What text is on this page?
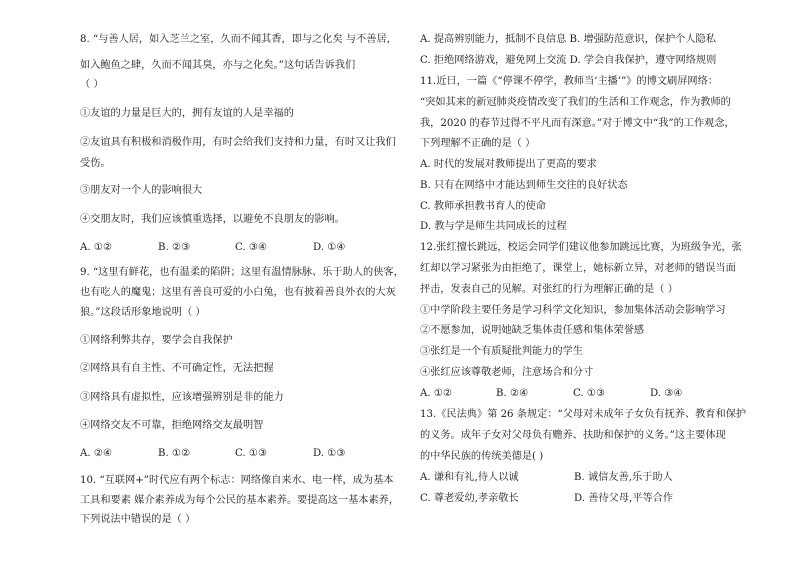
8. “与善人居，如入芝兰之室，久而不闻其香，即与之化矣 与不善居，
如入鲍鱼之肆，久而不闻其臭，亦与之化矣。”这句话告诉我们
（ ）
①友谊的力量是巨大的，拥有友谊的人是幸福的
②友谊具有积极和消极作用，有时会给我们支持和力量，有时又让我们
受伤。
③朋友对一个人的影响很大
④交朋友时，我们应该慎重选择，以避免不良朋友的影响。
A. ①②	B. ②③	C. ③④	D. ①④
9. “这里有鲜花，也有温柔的陷阱；这里有温情脉脉、乐于助人的侠客，
也有吃人的魔鬼；这里有善良可爱的小白兔，也有披着善良外衣的大灰
狼。”这段话形象地说明（ ）
①网络利弊共存，要学会自我保护
②网络具有自主性、不可确定性，无法把握
③网络具有虚拟性，应该增强辨别是非的能力
④网络交友不可靠，拒绝网络交友最明智
A. ②④	B. ①②	C. ①③	D. ①③
10. “互联网+”时代应有两个标志：网络像自来水、电一样，成为基本
工具和要素 媒介素养成为每个公民的基本素养。要提高这一基本素养，
下列说法中错误的是（ ）
A. 提高辨别能力，抵制不良信息 B. 增强防范意识，保护个人隐私
C. 拒绝网络游戏，避免网上交流 D. 学会自我保护，遵守网络规则
11.近日，一篇《“停课不停学，教师当‘主播’”》的博文刷屏网络：
“突如其来的新冠肺炎疫情改变了我们的生活和工作观念，作为教师的
我，2020 的春节过得不平凡而有深意。”对于博文中“我”的工作观念，
下列理解不正确的是（ ）
A. 时代的发展对教师提出了更高的要求
B. 只有在网络中才能达到师生交往的良好状态
C. 教师承担教书育人的使命
D. 教与学是师生共同成长的过程
12.张红擅长跳远，校运会同学们建议他参加跳远比赛，为班级争光，张
红却以学习紧张为由拒绝了，课堂上，她标新立异，对老师的错误当面
抨击，发表自己的见解。对张红的行为理解正确的是（ ）
①中学阶段主要任务是学习科学文化知识，参加集体活动会影响学习
②不愿参加，说明她缺乏集体责任感和集体荣誉感
③张红是一个有质疑批判能力的学生
④张红应该尊敬老师，注意场合和分寸
A. ①②	B. ②④	C. ①③	D. ③④
13.《民法典》第 26 条规定：“父母对未成年子女负有抚养、教育和保护
的义务。成年子女对父母负有赡养、扶助和保护的义务。”这主要体现
的中华民族的传统美德是( )
A. 谦和有礼,待人以诚	B. 诚信友善,乐于助人
C. 尊老爱幼,孝亲敬长	D. 善待父母,平等合作
